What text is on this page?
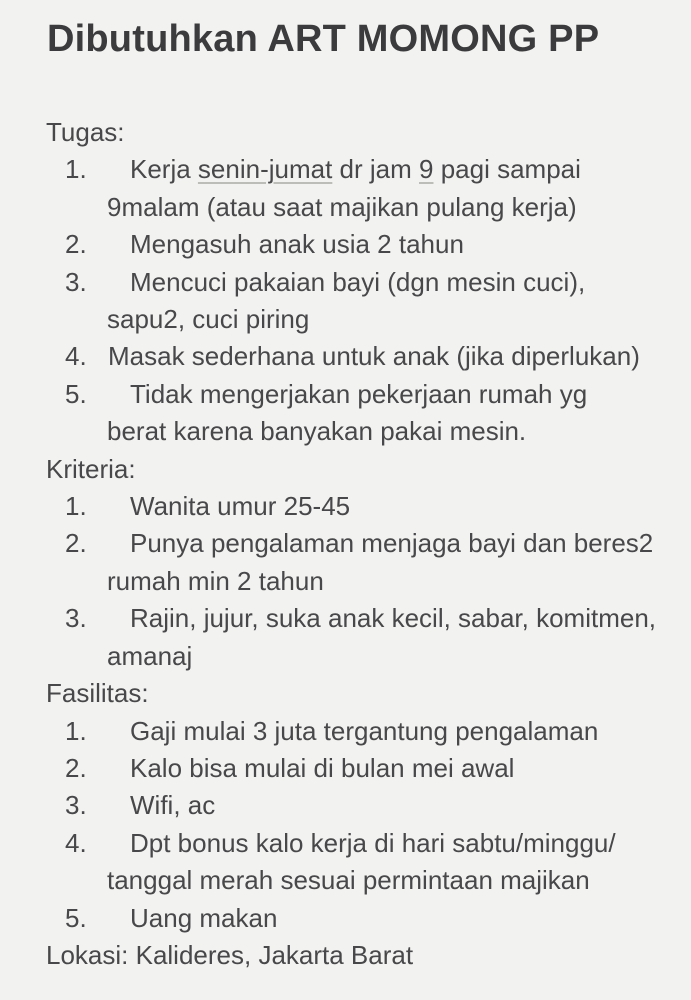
Dibutuhkan ART MOMONG PP
Tugas:
1. Kerja senin-jumat dr jam 9 pagi sampai
9malam (atau saat majikan pulang kerja)
2. Mengasuh anak usia 2 tahun
3. Mencuci pakaian bayi (dgn mesin cuci),
sapu2, cuci piring
4. Masak sederhana untuk anak (jika diperlukan)
5. Tidak mengerjakan pekerjaan rumah yg
berat karena banyakan pakai mesin.
Kriteria:
1. Wanita umur 25-45
2. Punya pengalaman menjaga bayi dan beres2
rumah min 2 tahun
3. Rajin, jujur, suka anak kecil, sabar, komitmen,
amanaj
Fasilitas:
1. Gaji mulai 3 juta tergantung pengalaman
2. Kalo bisa mulai di bulan mei awal
3. Wifi, ac
4. Dpt bonus kalo kerja di hari sabtu/minggu/
tanggal merah sesuai permintaan majikan
5. Uang makan
Lokasi: Kalideres, Jakarta Barat
